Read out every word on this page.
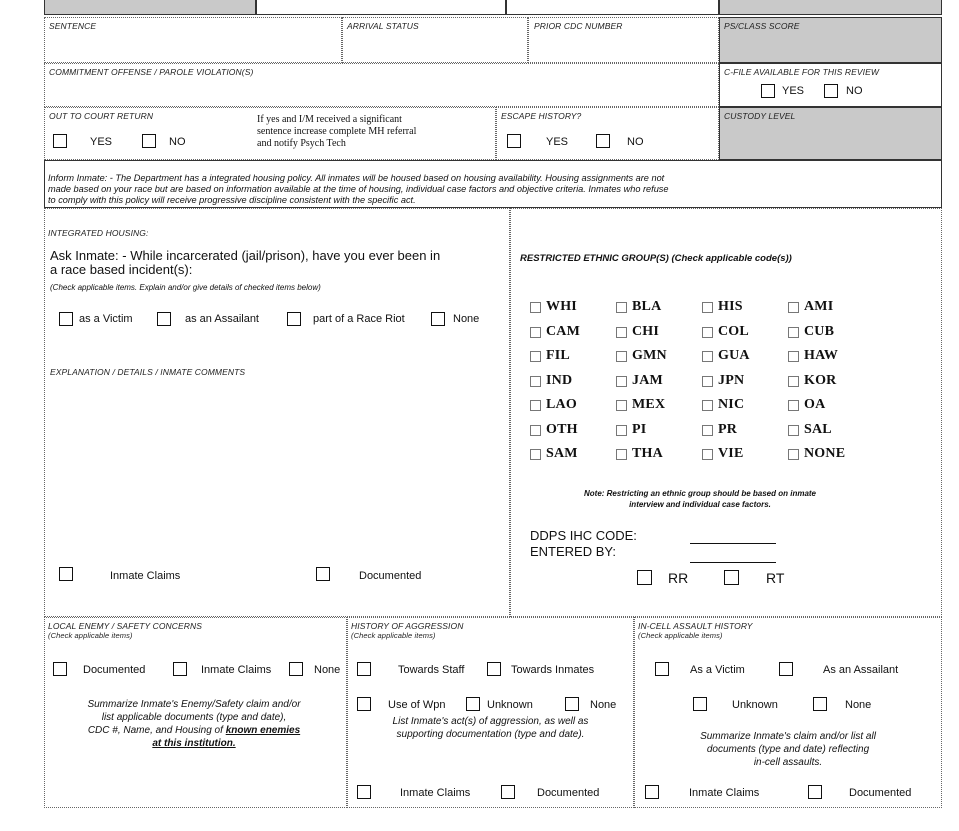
SENTENCE	ARRIVAL STATUS	PRIOR CDC NUMBER	PS/CLASS SCORE
COMMITMENT OFFENSE / PAROLE VIOLATION(S)	C-FILE AVAILABLE FOR THIS REVIEW
YES	NO
OUT TO COURT RETURN
YES	NO
If yes and I/M received a significant
sentence increase complete MH referral
and notify Psych Tech
ESCAPE HISTORY?
YES	NO
CUSTODY LEVEL
Inform Inmate: - The Department has a integrated housing policy. All inmates will be housed based on housing availability. Housing assignments are not
made based on your race but are based on information available at the time of housing, individual case factors and objective criteria. Inmates who refuse
to comply with this policy will receive progressive discipline consistent with the specific act.
INTEGRATED HOUSING:
Ask Inmate: - While incarcerated (jail/prison), have you ever been in
a race based incident(s):
(Check applicable items. Explain and/or give details of checked items below)
as a Victim	as an Assailant	part of a Race Riot	None
EXPLANATION / DETAILS / INMATE COMMENTS
Inmate Claims	Documented
RESTRICTED ETHNIC GROUP(S) (Check applicable code(s))
WHI	BLA	HIS	AMI
CAM	CHI	COL	CUB
FIL	GMN	GUA	HAW
IND	JAM	JPN	KOR
LAO	MEX	NIC	OA
OTH	PI	PR	SAL
SAM	THA	VIE	NONE
Note: Restricting an ethnic group should be based on inmate
interview and individual case factors.
DDPS IHC CODE:
ENTERED BY:
RR	RT
LOCAL ENEMY / SAFETY CONCERNS
(Check applicable items)
Documented	Inmate Claims	None
Summarize Inmate's Enemy/Safety claim and/or
list applicable documents (type and date),
CDC #, Name, and Housing of known enemies
at this institution.
HISTORY OF AGGRESSION
(Check applicable items)
Towards Staff	Towards Inmates
Use of Wpn	Unknown	None
List Inmate's act(s) of aggression, as well as
supporting documentation (type and date).
Inmate Claims	Documented
IN-CELL ASSAULT HISTORY
(Check applicable items)
As a Victim	As an Assailant
Unknown	None
Summarize Inmate's claim and/or list all
documents (type and date) reflecting
in-cell assaults.
Inmate Claims	Documented
